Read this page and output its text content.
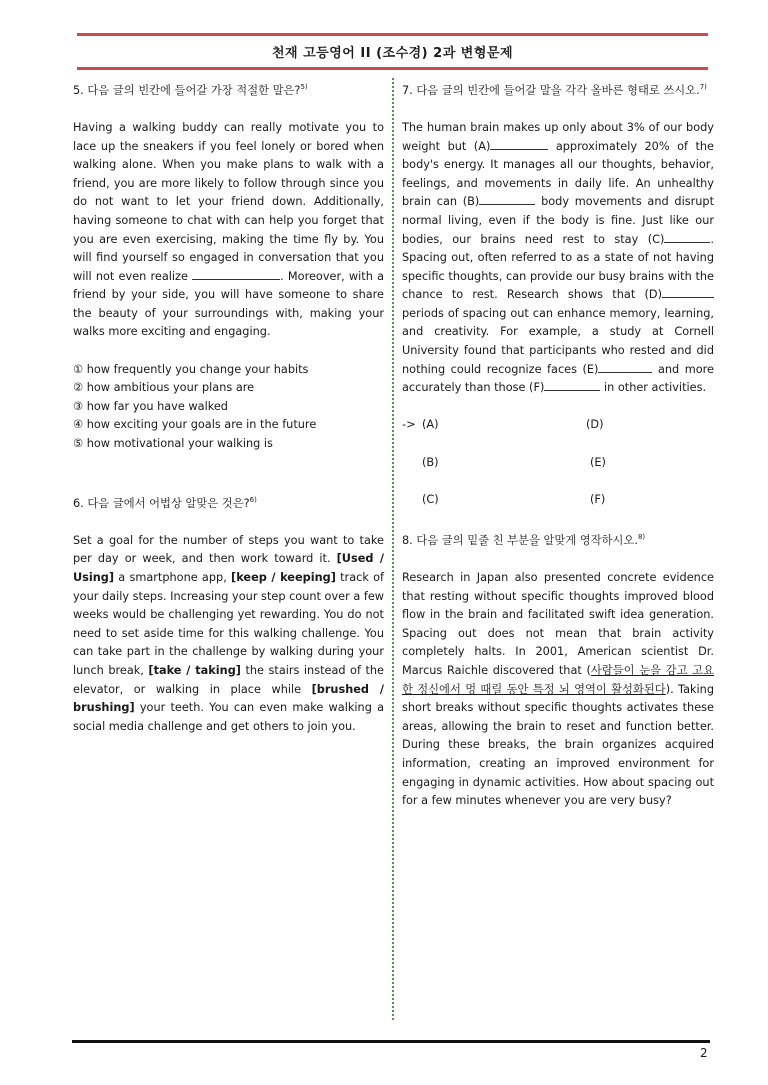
천재 고등영어 II (조수경) 2과 변형문제

5. 다음 글의 빈칸에 들어갈 가장 적절한 말은?$^{5)}$

Having a walking buddy can really motivate you to lace up the sneakers if you feel lonely or bored when walking alone. When you make plans to walk with a friend, you are more likely to follow through since you do not want to let your friend down. Additionally, having someone to chat with can help you forget that you are even exercising, making the time fly by. You will find yourself so engaged in conversation that you will not even realize	. Moreover, with a friend by your side, you will have someone to share the beauty of your surroundings with, making your walks more exciting and engaging.

① how frequently you change your habits
② how ambitious your plans are
③ how far you have walked
④ how exciting your goals are in the future
⑤ how motivational your walking is

6. 다음 글에서 어법상 알맞은 것은?$^{6)}$

Set a goal for the number of steps you want to take per day or week, and then work toward it. [Used / Using] a smartphone app, [keep / keeping] track of your daily steps. Increasing your step count over a few weeks would be challenging yet rewarding. You do not need to set aside time for this walking challenge. You can take part in the challenge by walking during your lunch break, [take / taking] the stairs instead of the elevator, or walking in place while [brushed / brushing] your teeth. You can even make walking a social media challenge and get others to join you.

7. 다음 글의 빈칸에 들어갈 말을 각각 올바른 형태로 쓰시오.$^{7)}$

The human brain makes up only about 3% of our body weight but (A)	approximately 20% of the body's energy. It manages all our thoughts, behavior, feelings, and movements in daily life. An unhealthy brain can (B)	body movements and disrupt normal living, even if the body is fine. Just like our bodies, our brains need rest to stay (C)	. Spacing out, often referred to as a state of not having specific thoughts, can provide our busy brains with the chance to rest. Research shows that (D) periods of spacing out can enhance memory, learning, and creativity. For example, a study at Cornell University found that participants who rested and did nothing could recognize faces (E)	and more accurately than those (F)	in other activities.

-> (A)	(D)
(B)	(E)
(C)	(F)

8. 다음 글의 밑줄 친 부분을 알맞게 영작하시오.$^{8)}$

Research in Japan also presented concrete evidence that resting without specific thoughts improved blood flow in the brain and facilitated swift idea generation. Spacing out does not mean that brain activity completely halts. In 2001, American scientist Dr. Marcus Raichle discovered that (사람들이 눈을 감고 고요한 정신에서 멍 때릴 동안 특정 뇌 영역이 활성화된다). Taking short breaks without specific thoughts activates these areas, allowing the brain to reset and function better. During these breaks, the brain organizes acquired information, creating an improved environment for engaging in dynamic activities. How about spacing out for a few minutes whenever you are very busy?

2
